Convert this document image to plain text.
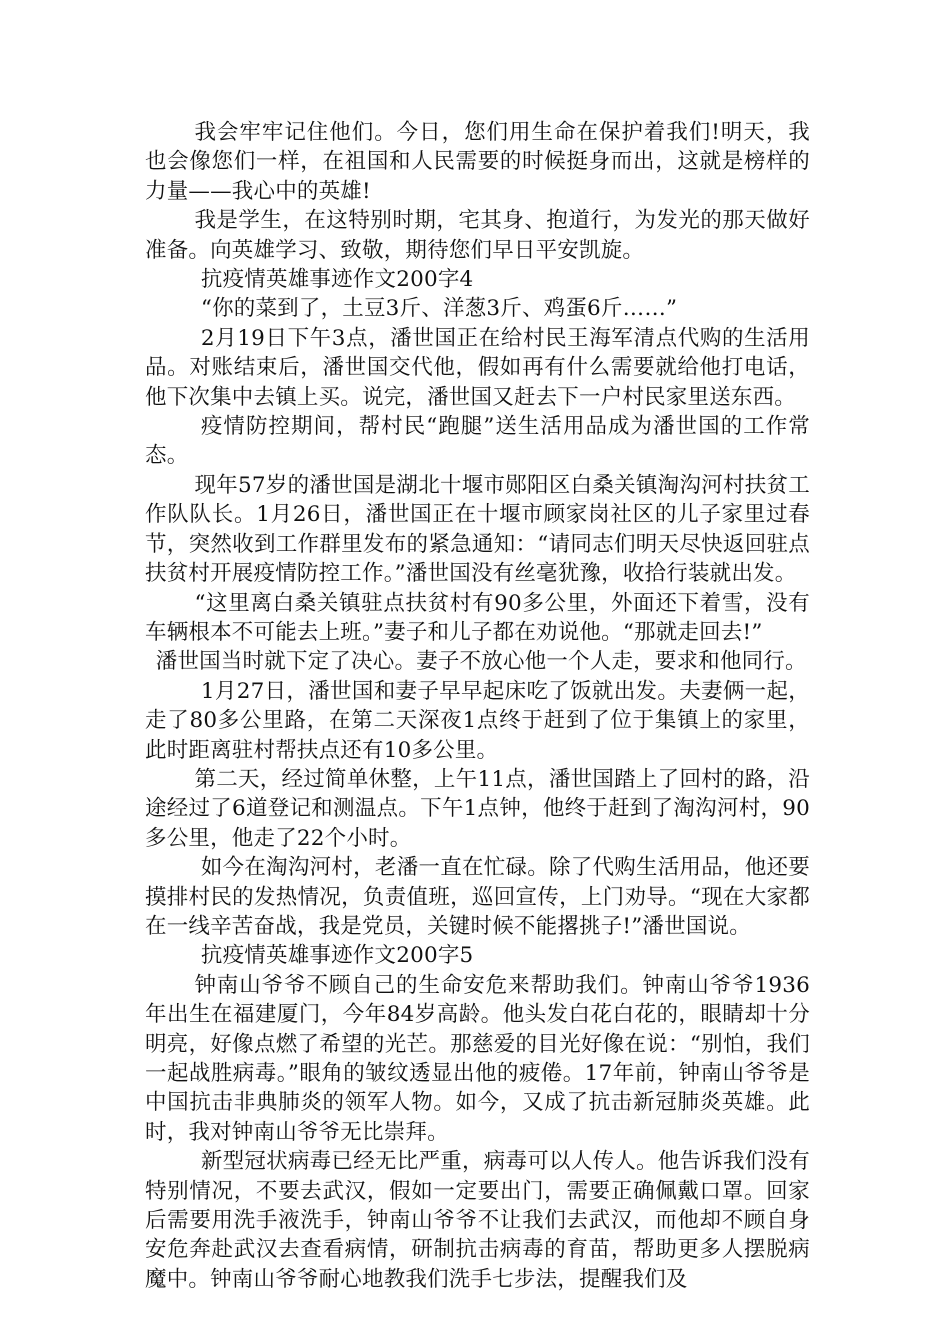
我会牢牢记住他们。今日，您们用生命在保护着我们!明天，我也会像您们一样，在祖国和人民需要的时候挺身而出，这就是榜样的力量——我心中的英雄!

我是学生，在这特别时期，宅其身、抱道行，为发光的那天做好准备。向英雄学习、致敬，期待您们早日平安凯旋。

抗疫情英雄事迹作文200字4

“你的菜到了，土豆3斤、洋葱3斤、鸡蛋6斤……”

2月19日下午3点，潘世国正在给村民王海军清点代购的生活用品。对账结束后，潘世国交代他，假如再有什么需要就给他打电话，他下次集中去镇上买。说完，潘世国又赶去下一户村民家里送东西。

疫情防控期间，帮村民“跑腿”送生活用品成为潘世国的工作常态。

现年57岁的潘世国是湖北十堰市郧阳区白桑关镇淘沟河村扶贫工作队队长。1月26日，潘世国正在十堰市顾家岗社区的儿子家里过春节，突然收到工作群里发布的紧急通知：“请同志们明天尽快返回驻点扶贫村开展疫情防控工作。”潘世国没有丝毫犹豫，收拾行装就出发。

“这里离白桑关镇驻点扶贫村有90多公里，外面还下着雪，没有车辆根本不可能去上班。”妻子和儿子都在劝说他。“那就走回去!”

潘世国当时就下定了决心。妻子不放心他一个人走，要求和他同行。

1月27日，潘世国和妻子早早起床吃了饭就出发。夫妻俩一起，走了80多公里路，在第二天深夜1点终于赶到了位于集镇上的家里，此时距离驻村帮扶点还有10多公里。

第二天，经过简单休整，上午11点，潘世国踏上了回村的路，沿途经过了6道登记和测温点。下午1点钟，他终于赶到了淘沟河村，90多公里，他走了22个小时。

如今在淘沟河村，老潘一直在忙碌。除了代购生活用品，他还要摸排村民的发热情况，负责值班，巡回宣传，上门劝导。“现在大家都在一线辛苦奋战，我是党员，关键时候不能撂挑子!”潘世国说。

抗疫情英雄事迹作文200字5

钟南山爷爷不顾自己的生命安危来帮助我们。钟南山爷爷1936年出生在福建厦门，今年84岁高龄。他头发白花白花的，眼睛却十分明亮，好像点燃了希望的光芒。那慈爱的目光好像在说：“别怕，我们一起战胜病毒。”眼角的皱纹透显出他的疲倦。17年前，钟南山爷爷是中国抗击非典肺炎的领军人物。如今，又成了抗击新冠肺炎英雄。此时，我对钟南山爷爷无比崇拜。

新型冠状病毒已经无比严重，病毒可以人传人。他告诉我们没有特别情况，不要去武汉，假如一定要出门，需要正确佩戴口罩。回家后需要用洗手液洗手，钟南山爷爷不让我们去武汉，而他却不顾自身安危奔赴武汉去查看病情，研制抗击病毒的育苗，帮助更多人摆脱病魔中。钟南山爷爷耐心地教我们洗手七步法，提醒我们及
